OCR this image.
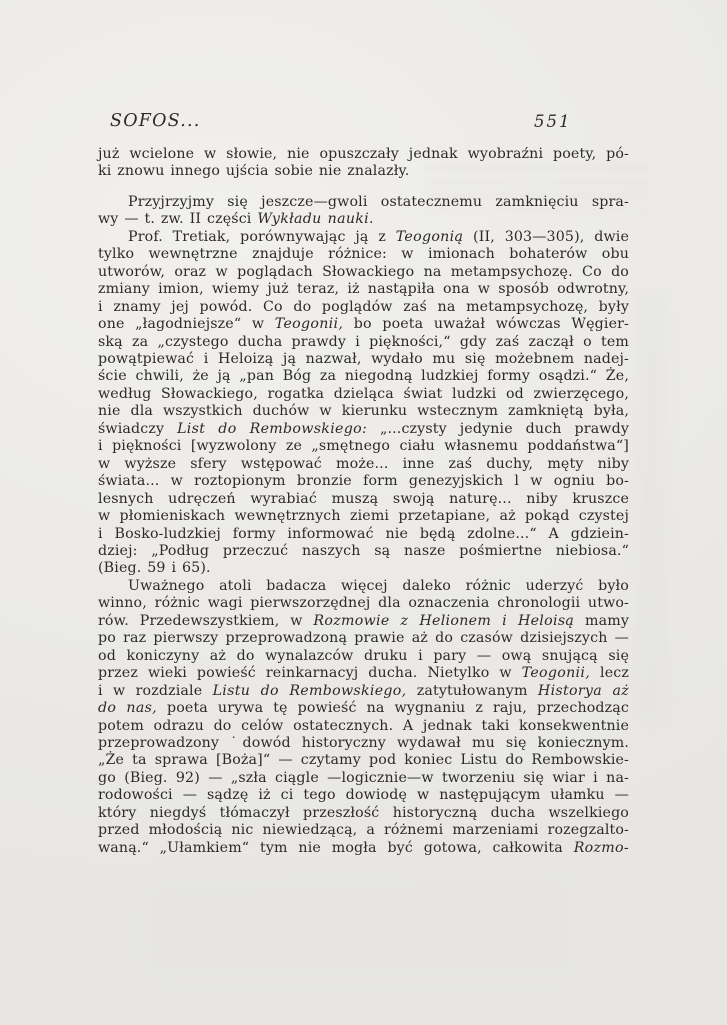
SOFOS...	551
już wcielone w słowie, nie opuszczały jednak wyobraźni poety, pó-
ki znowu innego ujścia sobie nie znalazły.
Przyjrzyjmy się jeszcze—gwoli ostatecznemu zamknięciu spra-
wy — t. zw. II części Wykładu nauki.
Prof. Tretiak, porównywając ją z Teogonią (II, 303—305), dwie
tylko wewnętrzne znajduje różnice: w imionach bohaterów obu
utworów, oraz w poglądach Słowackiego na metampsychozę. Co do
zmiany imion, wiemy już teraz, iż nastąpiła ona w sposób odwrotny,
i znamy jej powód. Co do poglądów zaś na metampsychozę, były
one „łagodniejsze“ w Teogonii, bo poeta uważał wówczas Węgier-
ską za „czystego ducha prawdy i piękności,“ gdy zaś zaczął o tem
powątpiewać i Heloizą ją nazwał, wydało mu się możebnem nadej-
ście chwili, że ją „pan Bóg za niegodną ludzkiej formy osądzi.“ Że,
według Słowackiego, rogatka dzieląca świat ludzki od zwierzęcego,
nie dla wszystkich duchów w kierunku wstecznym zamkniętą była,
świadczy List do Rembowskiego: „...czysty jedynie duch prawdy
i piękności [wyzwolony ze „smętnego ciału własnemu poddaństwa“]
w wyższe sfery wstępować może... inne zaś duchy, męty niby
świata... w roztopionym bronzie form genezyjskich l w ogniu bo-
lesnych udręczeń wyrabiać muszą swoją naturę... niby kruszce
w płomieniskach wewnętrznych ziemi przetapiane, aż pokąd czystej
i Bosko-ludzkiej formy informować nie będą zdolne...“ A gdziein-
dziej: „Podług przeczuć naszych są nasze pośmiertne niebiosa.“
(Bieg. 59 i 65).
Uważnego atoli badacza więcej daleko różnic uderzyć było
winno, różnic wagi pierwszorzędnej dla oznaczenia chronologii utwo-
rów. Przedewszystkiem, w Rozmowie z Helionem i Heloisą mamy
po raz pierwszy przeprowadzoną prawie aż do czasów dzisiejszych —
od koniczyny aż do wynalazców druku i pary — ową snującą się
przez wieki powieść reinkarnacyj ducha. Nietylko w Teogonii, lecz
i w rozdziale Listu do Rembowskiego, zatytułowanym Historya aż
do nas, poeta urywa tę powieść na wygnaniu z raju, przechodząc
potem odrazu do celów ostatecznych. A jednak taki konsekwentnie
przeprowadzony ˙dowód historyczny wydawał mu się koniecznym.
„Że ta sprawa [Boża]“ — czytamy pod koniec Listu do Rembowskie-
go (Bieg. 92) — „szła ciągle —logicznie—w tworzeniu się wiar i na-
rodowości — sądzę iż ci tego dowiodę w następującym ułamku —
który niegdyś tłómaczył przeszłość historyczną ducha wszelkiego
przed młodością nic niewiedzącą, a różnemi marzeniami rozegzalto-
waną.“ „Ułamkiem“ tym nie mogła być gotowa, całkowita Rozmo-
